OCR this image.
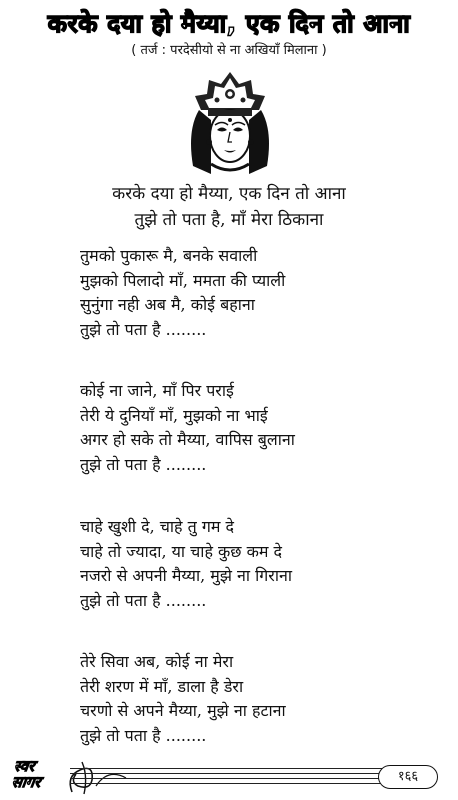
करके दया हो मैय्या, एक दिन तो आना
( तर्ज : परदेसीयो से ना अखियाँ मिलाना )
करके दया हो मैय्या, एक दिन तो आना
तुझे तो पता है, माँ मेरा ठिकाना
तुमको पुकारू मै, बनके सवाली
मुझको पिलादो माँ, ममता की प्याली
सुनुंगा नही अब मै, कोई बहाना
तुझे तो पता है ........
कोई ना जाने, माँ पिर पराई
तेरी ये दुनियाँ माँ, मुझको ना भाई
अगर हो सके तो मैय्या, वापिस बुलाना
तुझे तो पता है ........
चाहे खुशी दे, चाहे तु गम दे
चाहे तो ज्यादा, या चाहे कुछ कम दे
नजरो से अपनी मैय्या, मुझे ना गिराना
तुझे तो पता है ........
तेरे सिवा अब, कोई ना मेरा
तेरी शरण में माँ, डाला है डेरा
चरणो से अपने मैय्या, मुझे ना हटाना
तुझे तो पता है ........
स्वर
सागर	१६६
